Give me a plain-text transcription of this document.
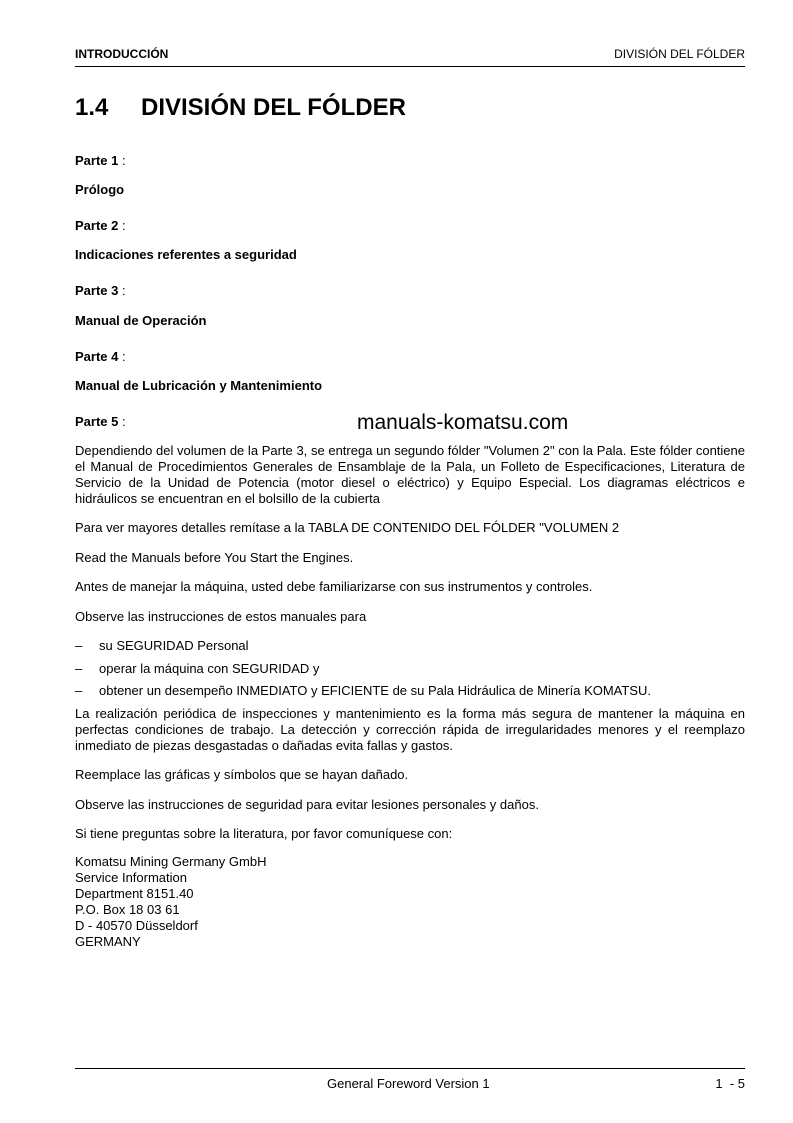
INTRODUCCIÓN	DIVISIÓN DEL FÓLDER
1.4 DIVISIÓN DEL FÓLDER
Parte 1 :
Prólogo
Parte 2 :
Indicaciones referentes a seguridad
Parte 3 :
Manual de Operación
Parte 4 :
Manual de Lubricación y Mantenimiento
Parte 5 :	manuals-komatsu.com
Dependiendo del volumen de la Parte 3, se entrega un segundo fólder "Volumen 2" con la Pala. Este fólder contiene el Manual de Procedimientos Generales de Ensamblaje de la Pala, un Folleto de Especificaciones, Literatura de Servicio de la Unidad de Potencia (motor diesel o eléctrico) y Equipo Especial. Los diagramas eléctricos e hidráulicos se encuentran en el bolsillo de la cubierta
Para ver mayores detalles remítase a la TABLA DE CONTENIDO DEL FÓLDER "VOLUMEN 2
Read the Manuals before You Start the Engines.
Antes de manejar la máquina, usted debe familiarizarse con sus instrumentos y controles.
Observe las instrucciones de estos manuales para
– su SEGURIDAD Personal
– operar la máquina con SEGURIDAD y
– obtener un desempeño INMEDIATO y EFICIENTE de su Pala Hidráulica de Minería KOMATSU.
La realización periódica de inspecciones y mantenimiento es la forma más segura de mantener la máquina en perfectas condiciones de trabajo. La detección y corrección rápida de irregularidades menores y el reemplazo inmediato de piezas desgastadas o dañadas evita fallas y gastos.
Reemplace las gráficas y símbolos que se hayan dañado.
Observe las instrucciones de seguridad para evitar lesiones personales y daños.
Si tiene preguntas sobre la literatura, por favor comuníquese con:
Komatsu Mining Germany GmbH
Service Information
Department 8151.40
P.O. Box 18 03 61
D - 40570 Düsseldorf
GERMANY
General Foreword Version 1	1  - 5
